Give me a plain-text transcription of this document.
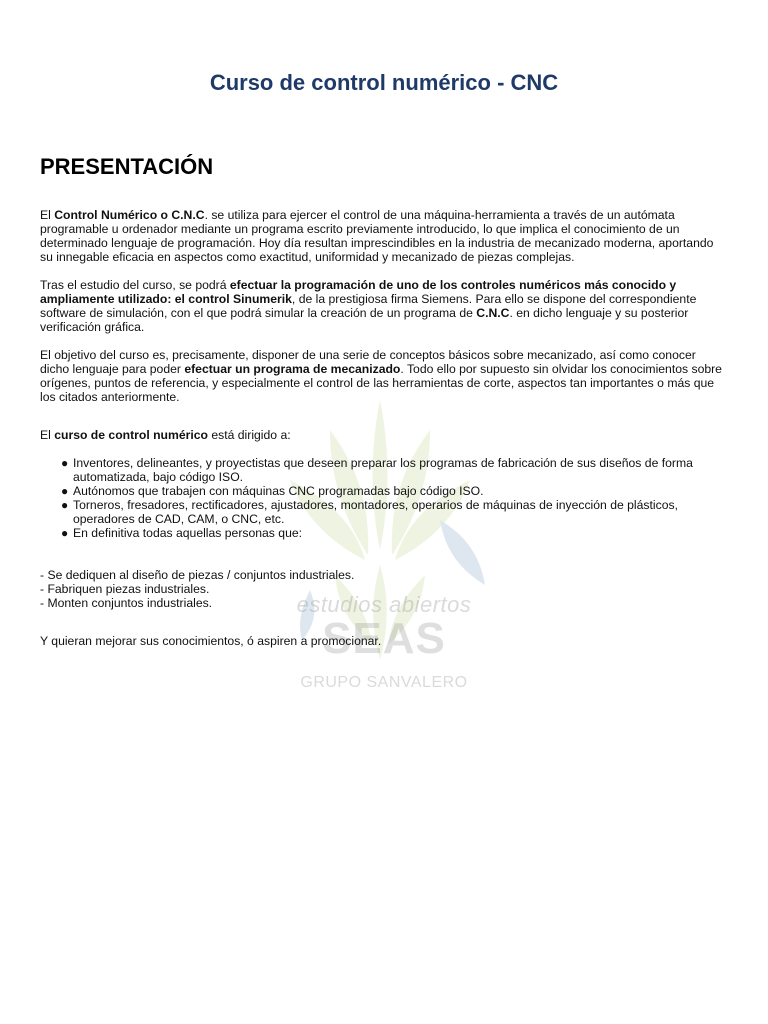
Curso de control numérico - CNC
PRESENTACIÓN
estudios abiertos
SEAS
GRUPO SANVALERO

El Control Numérico o C.N.C. se utiliza para ejercer el control de una máquina-herramienta a través de un autómata programable u ordenador mediante un programa escrito previamente introducido, lo que implica el conocimiento de un determinado lenguaje de programación. Hoy día resultan imprescindibles en la industria de mecanizado moderna, aportando su innegable eficacia en aspectos como exactitud, uniformidad y mecanizado de piezas complejas.

Tras el estudio del curso, se podrá efectuar la programación de uno de los controles numéricos más conocido y ampliamente utilizado: el control Sinumerik, de la prestigiosa firma Siemens. Para ello se dispone del correspondiente software de simulación, con el que podrá simular la creación de un programa de C.N.C. en dicho lenguaje y su posterior verificación gráfica.

El objetivo del curso es, precisamente, disponer de una serie de conceptos básicos sobre mecanizado, así como conocer dicho lenguaje para poder efectuar un programa de mecanizado. Todo ello por supuesto sin olvidar los conocimientos sobre orígenes, puntos de referencia, y especialmente el control de las herramientas de corte, aspectos tan importantes o más que los citados anteriormente.

El curso de control numérico está dirigido a:

● Inventores, delineantes, y proyectistas que deseen preparar los programas de fabricación de sus diseños de forma automatizada, bajo código ISO.
● Autónomos que trabajen con máquinas CNC programadas bajo código ISO.
● Torneros, fresadores, rectificadores, ajustadores, montadores, operarios de máquinas de inyección de plásticos, operadores de CAD, CAM, o CNC, etc.
● En definitiva todas aquellas personas que:
- Se dediquen al diseño de piezas / conjuntos industriales.
- Fabriquen piezas industriales.
- Monten conjuntos industriales.

Y quieran mejorar sus conocimientos, ó aspiren a promocionar.
